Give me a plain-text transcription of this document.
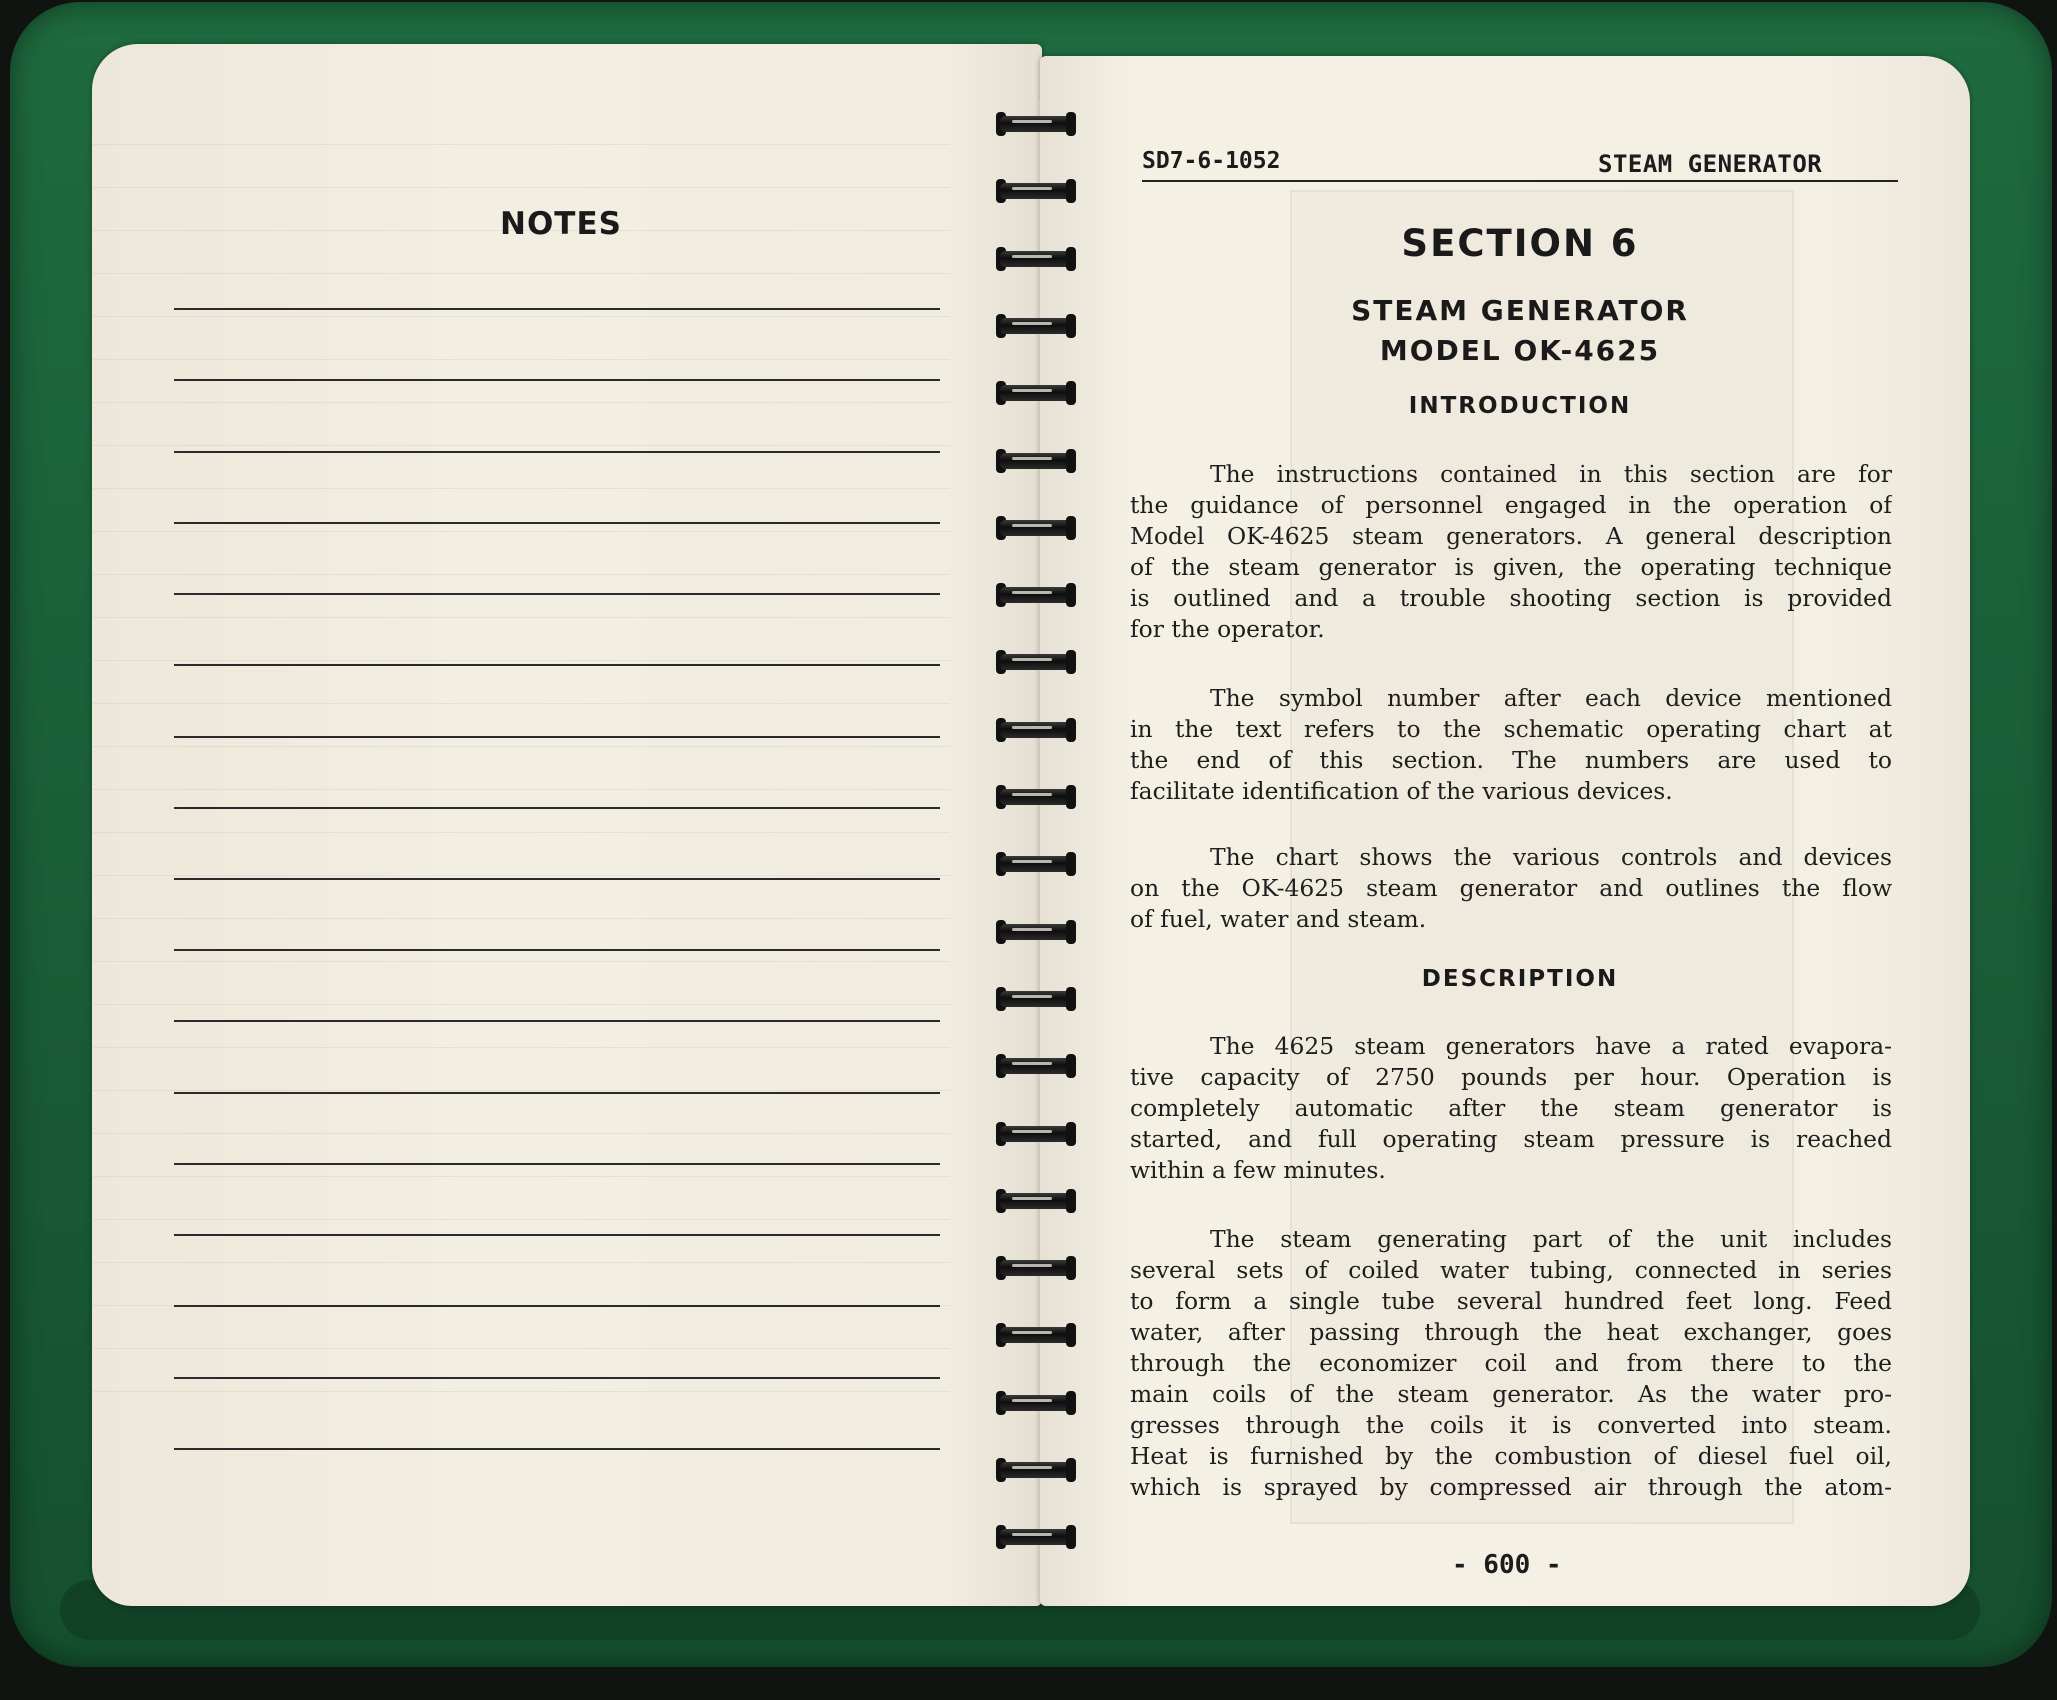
NOTES
SD7-6-1052	STEAM GENERATOR
SECTION 6
STEAM GENERATOR
MODEL OK-4625
INTRODUCTION
The instructions contained in this section are for
the guidance of personnel engaged in the operation of
Model OK-4625 steam generators. A general description
of the steam generator is given, the operating technique
is outlined and a trouble shooting section is provided
for the operator.
The symbol number after each device mentioned
in the text refers to the schematic operating chart at
the end of this section. The numbers are used to
facilitate identification of the various devices.
The chart shows the various controls and devices
on the OK-4625 steam generator and outlines the flow
of fuel, water and steam.
DESCRIPTION
The 4625 steam generators have a rated evapora-
tive capacity of 2750 pounds per hour. Operation is
completely automatic after the steam generator is
started, and full operating steam pressure is reached
within a few minutes.
The steam generating part of the unit includes
several sets of coiled water tubing, connected in series
to form a single tube several hundred feet long. Feed
water, after passing through the heat exchanger, goes
through the economizer coil and from there to the
main coils of the steam generator. As the water pro-
gresses through the coils it is converted into steam.
Heat is furnished by the combustion of diesel fuel oil,
which is sprayed by compressed air through the atom-
- 600 -
